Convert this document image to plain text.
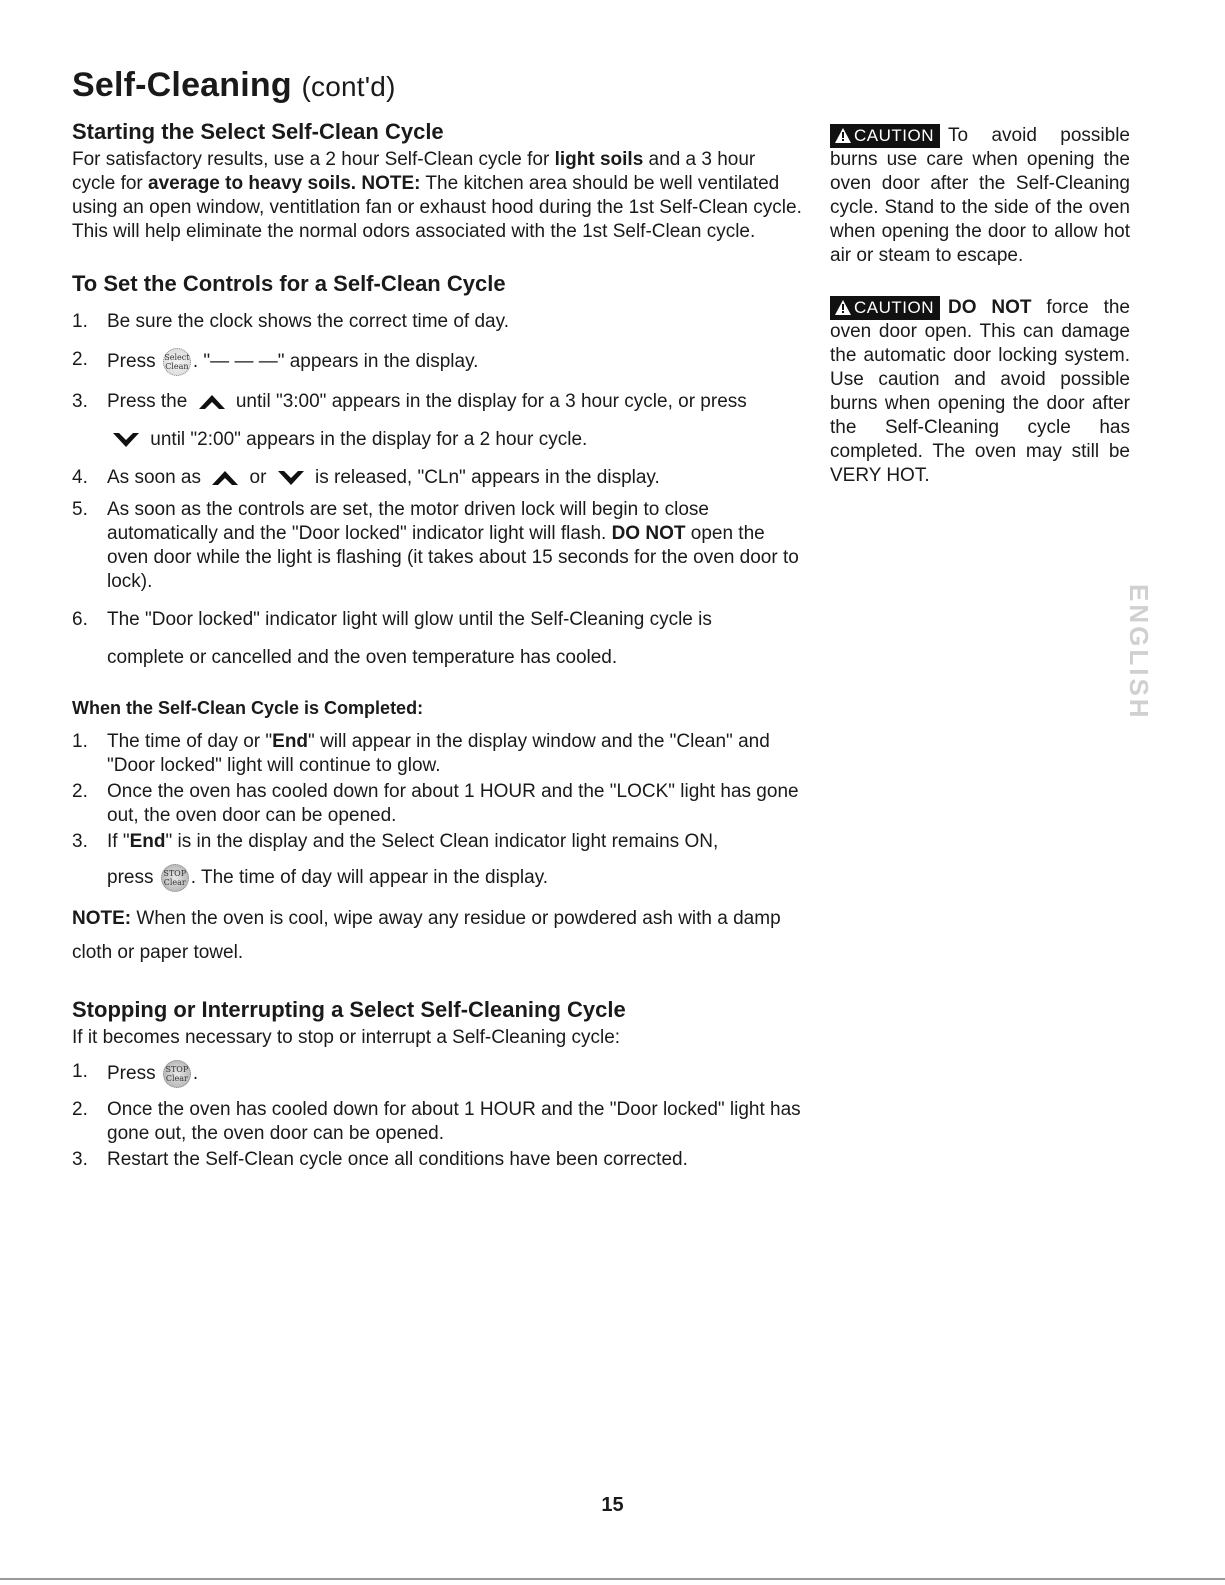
Self-Cleaning (cont'd)
Starting the Select Self-Clean Cycle

For satisfactory results, use a 2 hour Self-Clean cycle for light soils and a 3 hour cycle for average to heavy soils. NOTE: The kitchen area should be well ventilated using an open window, ventitlation fan or exhaust hood during the 1st Self-Clean cycle. This will help eliminate the normal odors associated with the 1st Self-Clean cycle.

To Set the Controls for a Self-Clean Cycle
1. Be sure the clock shows the correct time of day.
2. Press Select
Clean . "— — —" appears in the display.
3. Press the  until "3:00" appears in the display for a 3 hour cycle, or press
until "2:00" appears in the display for a 2 hour cycle.
4. As soon as  or  is released, "CLn" appears in the display.
5. As soon as the controls are set, the motor driven lock will begin to close automatically and the "Door locked" indicator light will flash. DO NOT open the oven door while the light is flashing (it takes about 15 seconds for the oven door to lock).
6. The "Door locked" indicator light will glow until the Self-Cleaning cycle is
complete or cancelled and the oven temperature has cooled.
When the Self-Clean Cycle is Completed:
1. The time of day or "End" will appear in the display window and the "Clean" and "Door locked" light will continue to glow.
2. Once the oven has cooled down for about 1 HOUR and the "LOCK" light has gone out, the oven door can be opened.
3. If "End" is in the display and the Select Clean indicator light remains ON,
press STOP
Clear . The time of day will appear in the display.

NOTE: When the oven is cool, wipe away any residue or powdered ash with a damp cloth or paper towel.

Stopping or Interrupting a Select Self-Cleaning Cycle

If it becomes necessary to stop or interrupt a Self-Cleaning cycle:

1. Press STOP
Clear .
2. Once the oven has cooled down for about 1 HOUR and the "Door locked" light has gone out, the oven door can be opened.
3. Restart the Self-Clean cycle once all conditions have been corrected.

CAUTION To avoid possible burns use care when opening the oven door after the Self-Cleaning cycle. Stand to the side of the oven when opening the door to allow hot air or steam to escape.

CAUTION DO NOT force the oven door open. This can damage the automatic door locking system. Use caution and avoid possible burns when opening the door after the Self-Cleaning cycle has completed. The oven may still be VERY HOT.

ENGLISH
15
